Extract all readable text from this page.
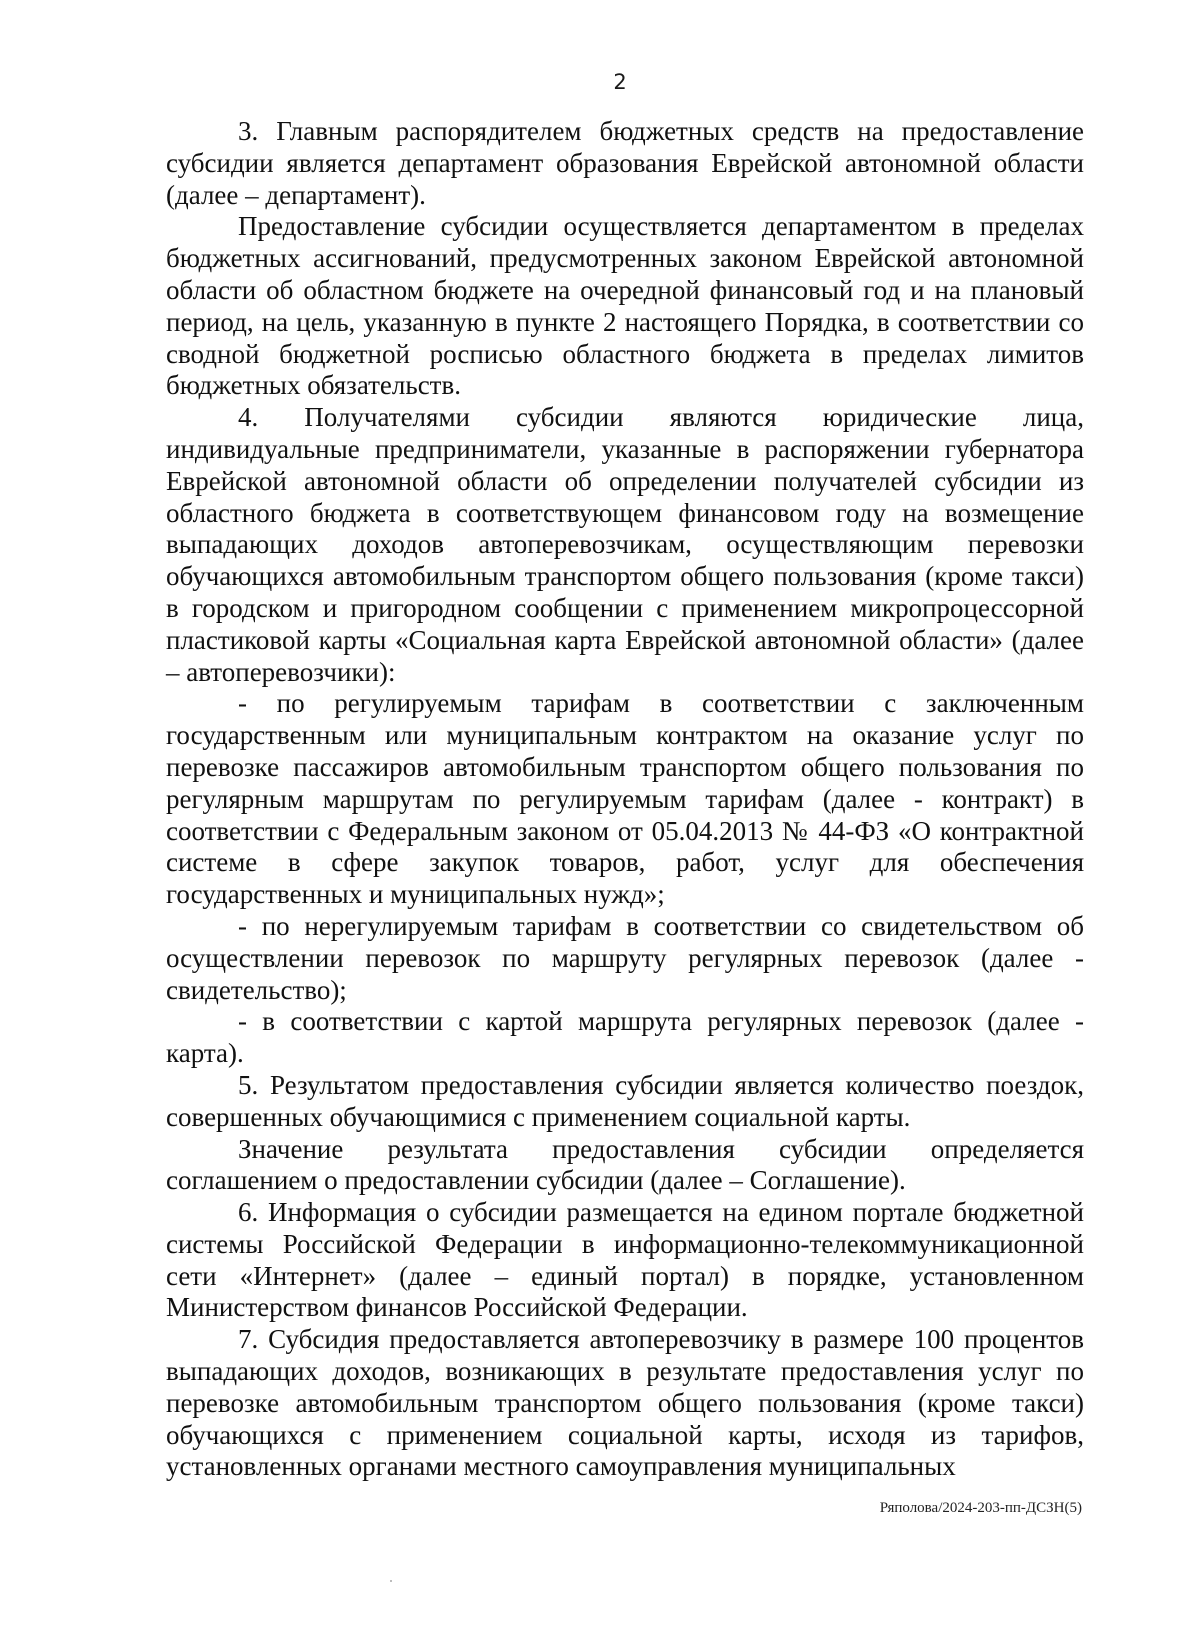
2

3. Главным распорядителем бюджетных средств на предоставление субсидии является департамент образования Еврейской автономной области (далее – департамент).

Предоставление субсидии осуществляется департаментом в пределах бюджетных ассигнований, предусмотренных законом Еврейской автономной области об областном бюджете на очередной финансовый год и на плановый период, на цель, указанную в пункте 2 настоящего Порядка, в соответствии со сводной бюджетной росписью областного бюджета в пределах лимитов бюджетных обязательств.

4. Получателями субсидии являются юридические лица, индивидуальные предприниматели, указанные в распоряжении губернатора Еврейской автономной области об определении получателей субсидии из областного бюджета в соответствующем финансовом году на возмещение выпадающих доходов автоперевозчикам, осуществляющим перевозки обучающихся автомобильным транспортом общего пользования (кроме такси) в городском и пригородном сообщении с применением микропроцессорной пластиковой карты «Социальная карта Еврейской автономной области» (далее – автоперевозчики):

- по регулируемым тарифам в соответствии с заключенным государственным или муниципальным контрактом на оказание услуг по перевозке пассажиров автомобильным транспортом общего пользования по регулярным маршрутам по регулируемым тарифам (далее - контракт) в соответствии с Федеральным законом от 05.04.2013 № 44-ФЗ «О контрактной системе в сфере закупок товаров, работ, услуг для обеспечения государственных и муниципальных нужд»;

- по нерегулируемым тарифам в соответствии со свидетельством об осуществлении перевозок по маршруту регулярных перевозок (далее - свидетельство);

- в соответствии с картой маршрута регулярных перевозок (далее - карта).

5. Результатом предоставления субсидии является количество поездок, совершенных обучающимися с применением социальной карты.

Значение результата предоставления субсидии определяется соглашением о предоставлении субсидии (далее – Соглашение).

6. Информация о субсидии размещается на едином портале бюджетной системы Российской Федерации в информационно-телекоммуникационной сети «Интернет» (далее – единый портал) в порядке, установленном Министерством финансов Российской Федерации.

7. Субсидия предоставляется автоперевозчику в размере 100 процентов выпадающих доходов, возникающих в результате предоставления услуг по перевозке автомобильным транспортом общего пользования (кроме такси) обучающихся с применением социальной карты, исходя из тарифов, установленных органами местного самоуправления муниципальных

Ряполова/2024-203-пп-ДСЗН(5)
